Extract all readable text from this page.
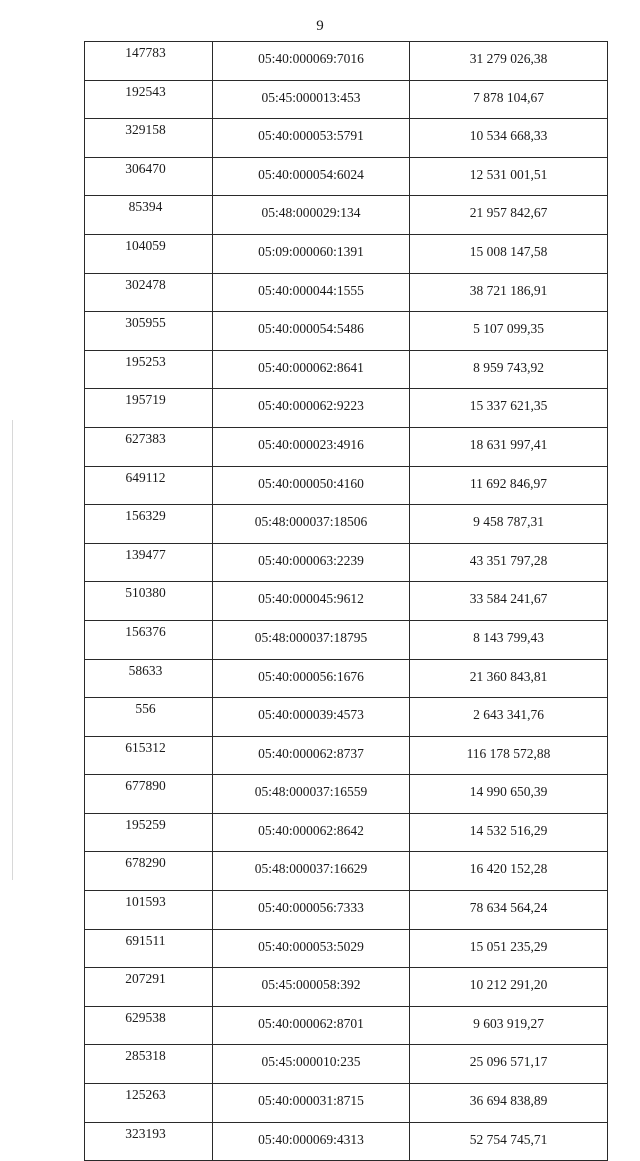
9
147783	05:40:000069:7016	31 279 026,38
192543	05:45:000013:453	7 878 104,67
329158	05:40:000053:5791	10 534 668,33
306470	05:40:000054:6024	12 531 001,51
85394	05:48:000029:134	21 957 842,67
104059	05:09:000060:1391	15 008 147,58
302478	05:40:000044:1555	38 721 186,91
305955	05:40:000054:5486	5 107 099,35
195253	05:40:000062:8641	8 959 743,92
195719	05:40:000062:9223	15 337 621,35
627383	05:40:000023:4916	18 631 997,41
649112	05:40:000050:4160	11 692 846,97
156329	05:48:000037:18506	9 458 787,31
139477	05:40:000063:2239	43 351 797,28
510380	05:40:000045:9612	33 584 241,67
156376	05:48:000037:18795	8 143 799,43
58633	05:40:000056:1676	21 360 843,81
556	05:40:000039:4573	2 643 341,76
615312	05:40:000062:8737	116 178 572,88
677890	05:48:000037:16559	14 990 650,39
195259	05:40:000062:8642	14 532 516,29
678290	05:48:000037:16629	16 420 152,28
101593	05:40:000056:7333	78 634 564,24
691511	05:40:000053:5029	15 051 235,29
207291	05:45:000058:392	10 212 291,20
629538	05:40:000062:8701	9 603 919,27
285318	05:45:000010:235	25 096 571,17
125263	05:40:000031:8715	36 694 838,89
323193	05:40:000069:4313	52 754 745,71
